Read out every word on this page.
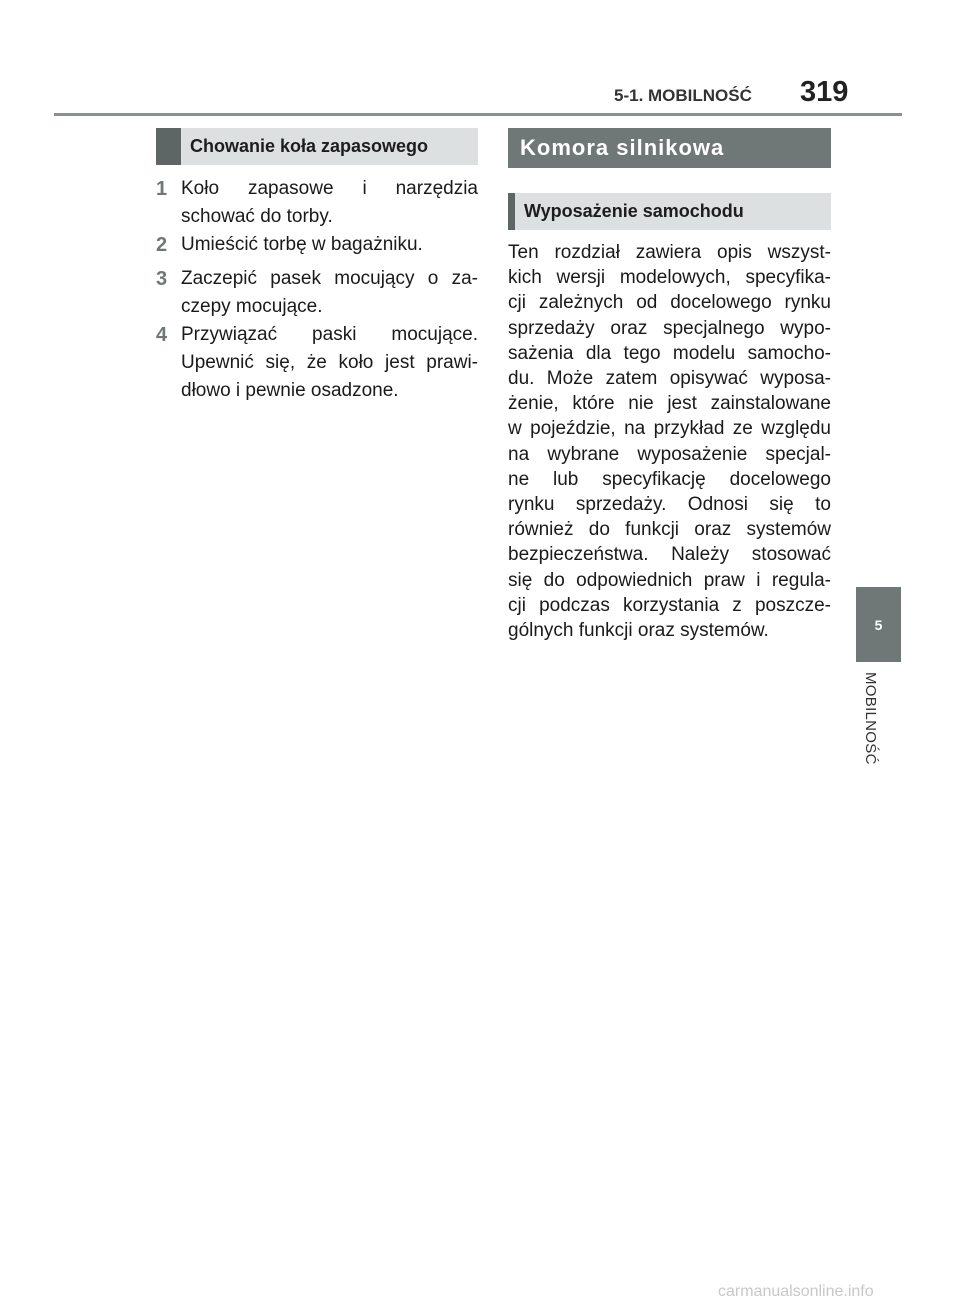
5-1. MOBILNOŚĆ	319
Chowanie koła zapasowego
1 Koło zapasowe i narzędzia
schować do torby.
2 Umieścić torbę w bagażniku.
3 Zaczepić pasek mocujący o za-
czepy mocujące.
4 Przywiązać paski mocujące.
Upewnić się, że koło jest prawi-
dłowo i pewnie osadzone.
Komora silnikowa
Wyposażenie samochodu
Ten rozdział zawiera opis wszyst-
kich wersji modelowych, specyfika-
cji zależnych od docelowego rynku
sprzedaży oraz specjalnego wypo-
sażenia dla tego modelu samocho-
du. Może zatem opisywać wyposa-
żenie, które nie jest zainstalowane
w pojeździe, na przykład ze względu
na wybrane wyposażenie specjal-
ne lub specyfikację docelowego
rynku sprzedaży. Odnosi się to
również do funkcji oraz systemów
bezpieczeństwa. Należy stosować
się do odpowiednich praw i regula-
cji podczas korzystania z poszcze-
gólnych funkcji oraz systemów.	5
MOBILNOŚĆ
carmanualsonline.info
